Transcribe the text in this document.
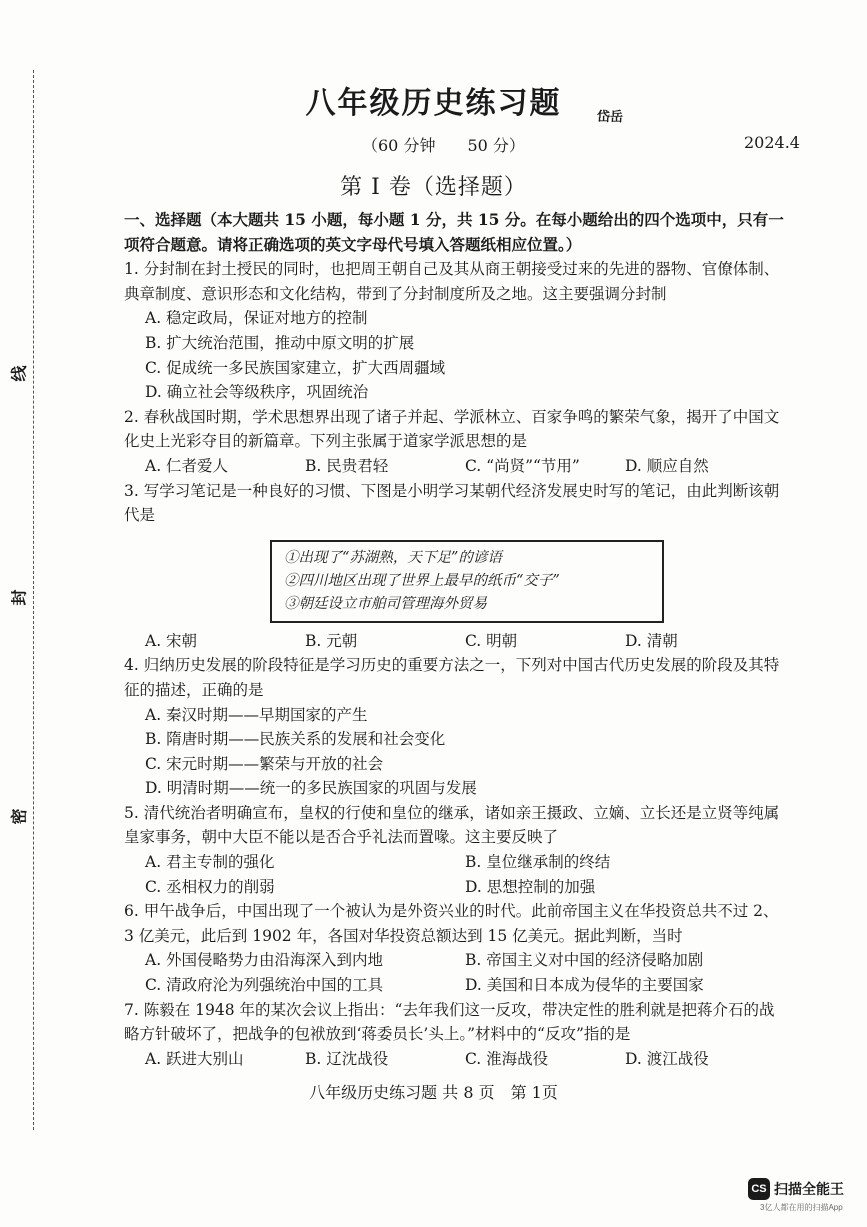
线
封
密
八年级历史练习题	岱岳
（60 分钟　　50 分）	2024.4
第 I 卷（选择题）

一、选择题（本大题共 15 小题，每小题 1 分，共 15 分。在每小题给出的四个选项中，只有一项符合题意。请将正确选项的英文字母代号填入答题纸相应位置。）

1. 分封制在封土授民的同时，也把周王朝自己及其从商王朝接受过来的先进的器物、官僚体制、典章制度、意识形态和文化结构，带到了分封制度所及之地。这主要强调分封制

A. 稳定政局，保证对地方的控制

B. 扩大统治范围，推动中原文明的扩展

C. 促成统一多民族国家建立，扩大西周疆域

D. 确立社会等级秩序，巩固统治

2. 春秋战国时期，学术思想界出现了诸子并起、学派林立、百家争鸣的繁荣气象，揭开了中国文化史上光彩夺目的新篇章。下列主张属于道家学派思想的是

A. 仁者爱人	B. 民贵君轻	C. “尚贤”“节用”	D. 顺应自然

3. 写学习笔记是一种良好的习惯、下图是小明学习某朝代经济发展史时写的笔记，由此判断该朝代是

①出现了“苏湖熟，天下足”的谚语
②四川地区出现了世界上最早的纸币“交子”
③朝廷设立市舶司管理海外贸易
A. 宋朝	B. 元朝	C. 明朝	D. 清朝

4. 归纳历史发展的阶段特征是学习历史的重要方法之一，下列对中国古代历史发展的阶段及其特征的描述，正确的是

A. 秦汉时期——早期国家的产生

B. 隋唐时期——民族关系的发展和社会变化

C. 宋元时期——繁荣与开放的社会

D. 明清时期——统一的多民族国家的巩固与发展

5. 清代统治者明确宣布，皇权的行使和皇位的继承，诸如亲王摄政、立嫡、立长还是立贤等纯属皇家事务，朝中大臣不能以是否合乎礼法而置喙。这主要反映了

A. 君主专制的强化	B. 皇位继承制的终结
C. 丞相权力的削弱	D. 思想控制的加强

6. 甲午战争后，中国出现了一个被认为是外资兴业的时代。此前帝国主义在华投资总共不过 2、3 亿美元，此后到 1902 年，各国对华投资总额达到 15 亿美元。据此判断，当时

A. 外国侵略势力由沿海深入到内地	B. 帝国主义对中国的经济侵略加剧
C. 清政府沦为列强统治中国的工具	D. 美国和日本成为侵华的主要国家

7. 陈毅在 1948 年的某次会议上指出：“去年我们这一反攻，带决定性的胜利就是把蒋介石的战略方针破坏了，把战争的包袱放到‘蒋委员长’头上。”材料中的“反攻”指的是

A. 跃进大别山	B. 辽沈战役	C. 淮海战役	D. 渡江战役
八年级历史练习题 共 8 页　第 1页
CS 扫描全能王
3亿人都在用的扫描App
